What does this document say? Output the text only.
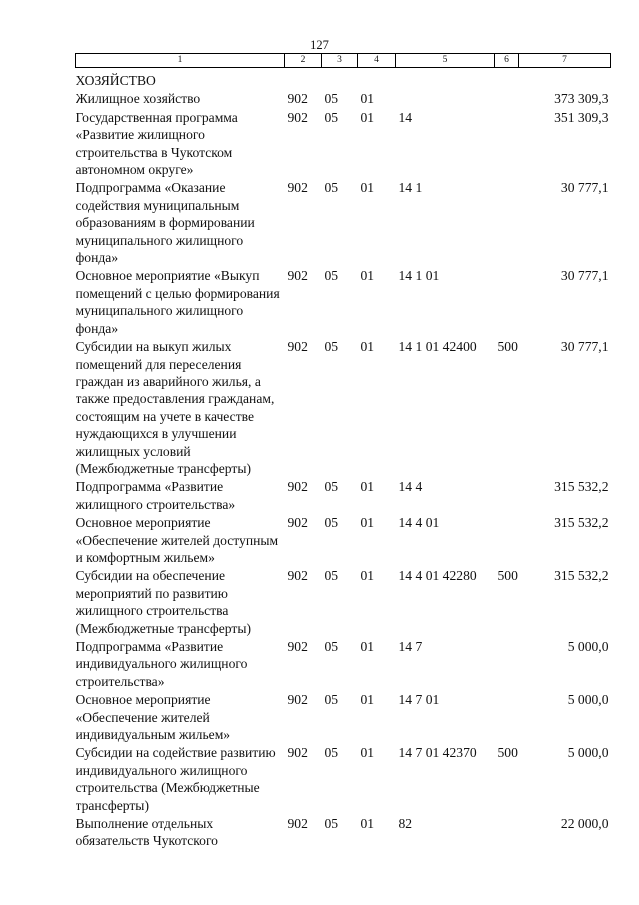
127
1	2	3	4	5	6	7
ХОЗЯЙСТВО						
Жилищное хозяйство	902	05	01			373 309,3
Государственная программа «Развитие жилищного строительства в Чукотском автономном округе»	902	05	01	14		351 309,3
Подпрограмма «Оказание содействия муниципальным образованиям в формировании муниципального жилищного фонда»	902	05	01	14 1		30 777,1
Основное мероприятие «Выкуп помещений с целью формирования муниципального жилищного фонда»	902	05	01	14 1 01		30 777,1
Субсидии на выкуп жилых помещений для переселения граждан из аварийного жилья, а также предоставления гражданам, состоящим на учете в качестве нуждающихся в улучшении жилищных условий (Межбюджетные трансферты)	902	05	01	14 1 01 42400	500	30 777,1
Подпрограмма «Развитие жилищного строительства»	902	05	01	14 4		315 532,2
Основное мероприятие «Обеспечение жителей доступным и комфортным жильем»	902	05	01	14 4 01		315 532,2
Субсидии на обеспечение мероприятий по развитию жилищного строительства (Межбюджетные трансферты)	902	05	01	14 4 01 42280	500	315 532,2
Подпрограмма «Развитие индивидуального жилищного строительства»	902	05	01	14 7		5 000,0
Основное мероприятие «Обеспечение жителей индивидуальным жильем»	902	05	01	14 7 01		5 000,0
Субсидии на содействие развитию индивидуального жилищного строительства (Межбюджетные трансферты)	902	05	01	14 7 01 42370	500	5 000,0
Выполнение отдельных обязательств Чукотского	902	05	01	82		22 000,0
